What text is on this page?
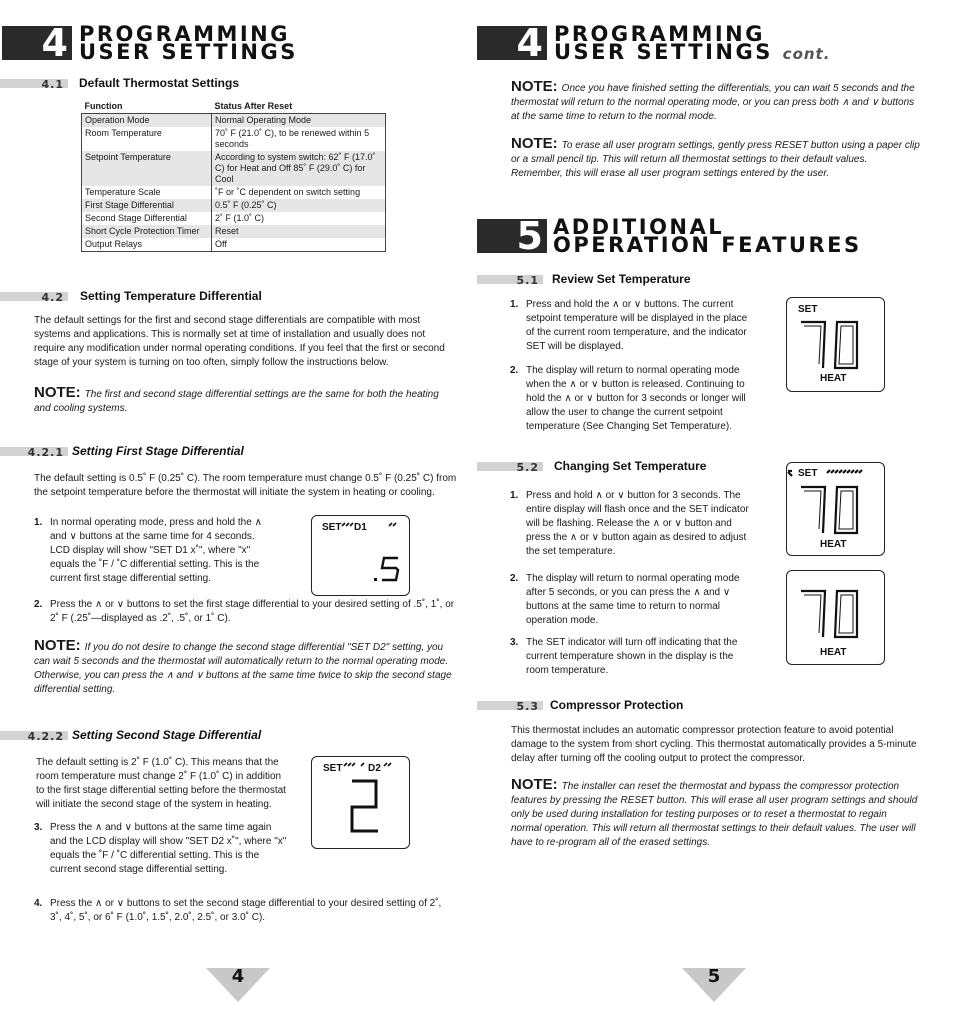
4 PROGRAMMING
USER SETTINGS
4.1 Default Thermostat Settings
Function	Status After Reset
Operation Mode	Normal Operating Mode
Room Temperature	70˚ F (21.0˚ C), to be renewed within 5 seconds
Setpoint Temperature	According to system switch: 62˚ F (17.0˚ C) for Heat and Off 85˚ F (29.0˚ C) for Cool
Temperature Scale	˚F or ˚C dependent on switch setting
First Stage Differential	0.5˚ F (0.25˚ C)
Second Stage Differential	2˚ F (1.0˚ C)
Short Cycle Protection Timer	Reset
Output Relays	Off
4.2 Setting Temperature Differential
The default settings for the first and second stage differentials are compatible with most systems and applications. This is normally set at time of installation and usually does not require any modification under normal operating conditions. If you feel that the first or second stage of your system is turning on too often, simply follow the instructions below.
NOTE: The first and second stage differential settings are the same for both the heating and cooling systems.
4.2.1 Setting First Stage Differential
The default setting is 0.5˚ F (0.25˚ C). The room temperature must change 0.5˚ F (0.25˚ C) from the setpoint temperature before the thermostat will initiate the system in heating or cooling.
1. In normal operating mode, press and hold the ∧ and ∨ buttons at the same time for 4 seconds. LCD display will show "SET D1 x˚", where "x" equals the ˚F / ˚C differential setting. This is the current first stage differential setting.
SET D1
2. Press the ∧ or ∨ buttons to set the first stage differential to your desired setting of .5˚, 1˚, or 2˚ F (.25˚—displayed as .2˚, .5˚, or 1˚ C).
NOTE: If you do not desire to change the second stage differential "SET D2" setting, you can wait 5 seconds and the thermostat will automatically return to the normal operating mode. Otherwise, you can press the ∧ and ∨ buttons at the same time twice to skip the second stage differential setting.
4.2.2 Setting Second Stage Differential
The default setting is 2˚ F (1.0˚ C). This means that the room temperature must change 2˚ F (1.0˚ C) in addition to the first stage differential setting before the thermostat will initiate the second stage of the system in heating.
SET	D2
3. Press the ∧ and ∨ buttons at the same time again and the LCD display will show "SET D2 x˚", where "x" equals the ˚F / ˚C differential setting. This is the current second stage differential setting.
4. Press the ∧ or ∨ buttons to set the second stage differential to your desired setting of 2˚, 3˚, 4˚, 5˚, or 6˚ F (1.0˚, 1.5˚, 2.0˚, 2.5˚, or 3.0˚ C).
4
4 PROGRAMMING
USER SETTINGS cont.
NOTE: Once you have finished setting the differentials, you can wait 5 seconds and the thermostat will return to the normal operating mode, or you can press both ∧ and ∨ buttons at the same time to return to the normal mode.
NOTE: To erase all user program settings, gently press RESET button using a paper clip or a small pencil tip. This will return all thermostat settings to their default values. Remember, this will erase all user program settings entered by the user.
5 ADDITIONAL
OPERATION FEATURES
5.1 Review Set Temperature
1. Press and hold the ∧ or ∨ buttons. The current setpoint temperature will be displayed in the place of the current room temperature, and the indicator SET will be displayed.
2. The display will return to normal operating mode when the ∧ or ∨ button is released. Continuing to hold the ∧ or ∨ button for 3 seconds or longer will allow the user to change the current setpoint temperature (See Changing Set Temperature).
SET
HEAT
5.2 Changing Set Temperature
1. Press and hold ∧ or ∨ button for 3 seconds. The entire display will flash once and the SET indicator will be flashing. Release the ∧ or ∨ button and press the ∧ or ∨ button again as desired to adjust the set temperature.
2. The display will return to normal operating mode after 5 seconds, or you can press the ∧ and ∨ buttons at the same time to return to normal operation mode.
3. The SET indicator will turn off indicating that the current temperature shown in the display is the room temperature.
SET
HEAT
HEAT
5.3 Compressor Protection
This thermostat includes an automatic compressor protection feature to avoid potential damage to the system from short cycling. This thermostat automatically provides a 5-minute delay after turning off the cooling output to protect the compressor.
NOTE: The installer can reset the thermostat and bypass the compressor protection features by pressing the RESET button. This will erase all user program settings and should only be used during installation for testing purposes or to reset a thermostat to regain normal operation. This will return all thermostat settings to their default values. The user will have to re-program all of the erased settings.
5
